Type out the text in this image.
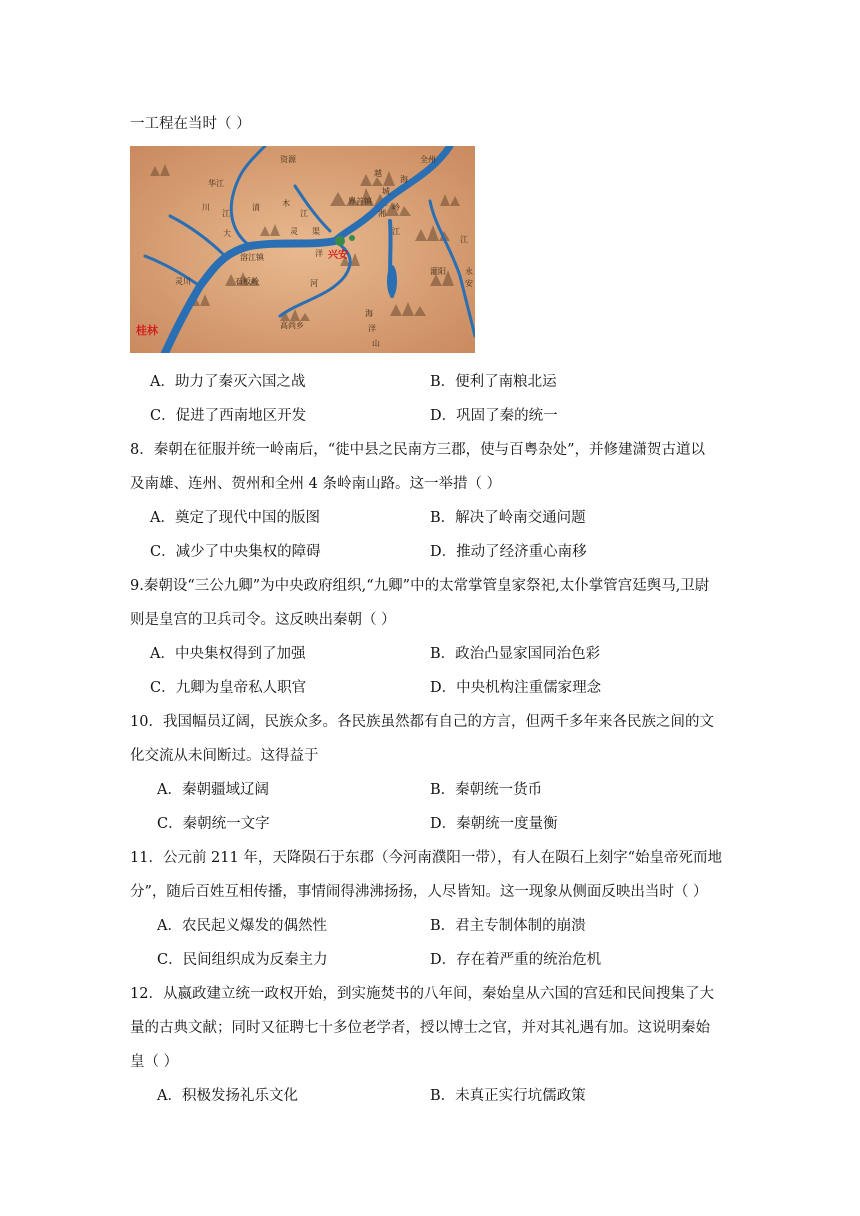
一工程在当时（ ）
资源	全州
华江
川
江
大
溶江镇
灵川
清	木
江
灵 渠
界首镇
越
城
岭
海
洋
河
石板岭
高尚乡
湘
江
海
洋
山
灌阳
江
永
安
兴安
桂林
A．助力了秦灭六国之战	B．便利了南粮北运
C．促进了西南地区开发	D．巩固了秦的统一
8．秦朝在征服并统一岭南后，“徙中县之民南方三郡，使与百粤杂处”，并修建潇贺古道以
及南雄、连州、贺州和全州 4 条岭南山路。这一举措（ ）
A．奠定了现代中国的版图	B．解决了岭南交通问题
C．减少了中央集权的障碍	D．推动了经济重心南移
9.秦朝设“三公九卿”为中央政府组织,“九卿”中的太常掌管皇家祭祀,太仆掌管宫廷舆马,卫尉
则是皇宫的卫兵司令。这反映出秦朝（ ）
A．中央集权得到了加强	B．政治凸显家国同治色彩
C．九卿为皇帝私人职官	D．中央机构注重儒家理念
10．我国幅员辽阔，民族众多。各民族虽然都有自己的方言，但两千多年来各民族之间的文
化交流从未间断过。这得益于
A．秦朝疆域辽阔	B．秦朝统一货币
C．秦朝统一文字	D．秦朝统一度量衡
11．公元前 211 年，天降陨石于东郡（今河南濮阳一带），有人在陨石上刻字“始皇帝死而地
分”，随后百姓互相传播，事情闹得沸沸扬扬，人尽皆知。这一现象从侧面反映出当时（ ）
A．农民起义爆发的偶然性	B．君主专制体制的崩溃
C．民间组织成为反秦主力	D．存在着严重的统治危机
12．从嬴政建立统一政权开始，到实施焚书的八年间，秦始皇从六国的宫廷和民间搜集了大
量的古典文献；同时又征聘七十多位老学者，授以博士之官，并对其礼遇有加。这说明秦始
皇（ ）
A．积极发扬礼乐文化	B．未真正实行坑儒政策
